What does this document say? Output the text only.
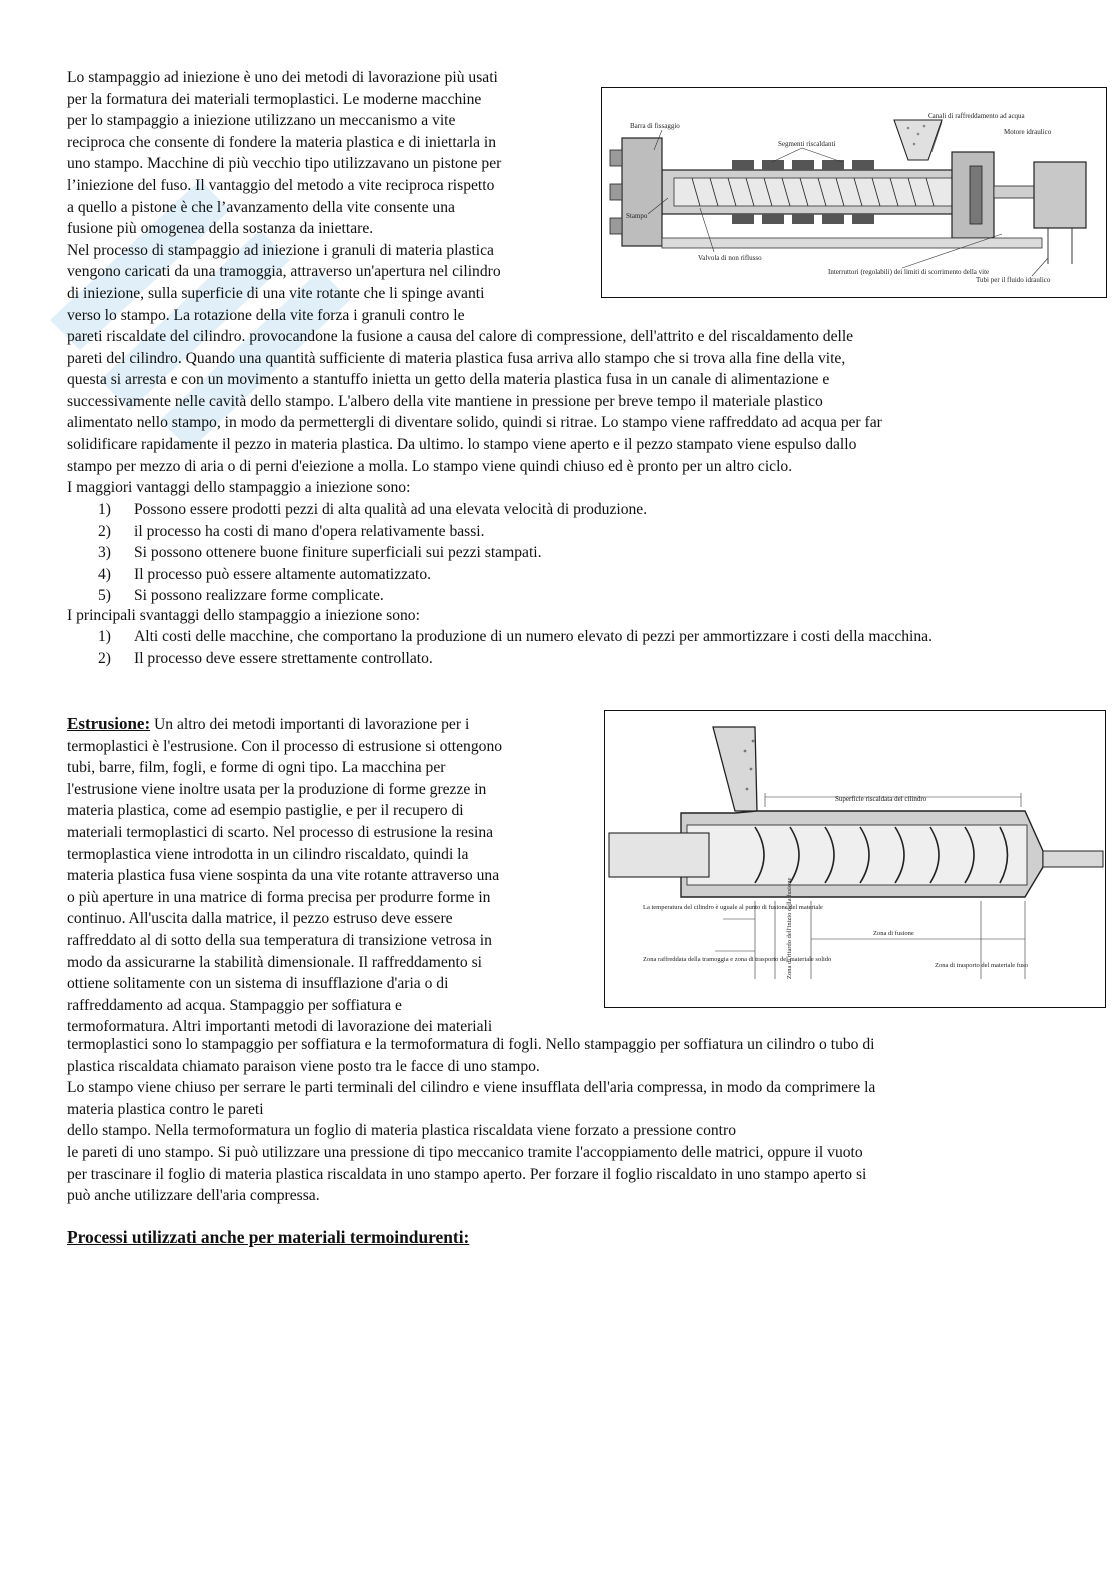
Lo stampaggio ad iniezione è uno dei metodi di lavorazione più usati
per la formatura dei materiali termoplastici. Le moderne macchine
per lo stampaggio a iniezione utilizzano un meccanismo a vite
reciproca che consente di fondere la materia plastica e di iniettarla in
uno stampo. Macchine di più vecchio tipo utilizzavano un pistone per
l’iniezione del fuso. Il vantaggio del metodo a vite reciproca rispetto
a quello a pistone è che l’avanzamento della vite consente una
fusione più omogenea della sostanza da iniettare.
Nel processo di stampaggio ad iniezione i granuli di materia plastica
vengono caricati da una tramoggia, attraverso un'apertura nel cilindro
di iniezione, sulla superficie di una vite rotante che li spinge avanti
verso lo stampo. La rotazione della vite forza i granuli contro le
Barra di fissaggio
Segmenti riscaldanti
Canali di raffreddamento ad acqua
Motore idraulico
Stampo
Valvola di non riflusso
Interruttori (regolabili) dei limiti di scorrimento della vite
Tubi per il fluido idraulico
pareti riscaldate del cilindro. provocandone la fusione a causa del calore di compressione, dell'attrito e del riscaldamento delle
pareti del cilindro. Quando una quantità sufficiente di materia plastica fusa arriva allo stampo che si trova alla fine della vite,
questa si arresta e con un movimento a stantuffo inietta un getto della materia plastica fusa in un canale di alimentazione e
successivamente nelle cavità dello stampo. L'albero della vite mantiene in pressione per breve tempo il materiale plastico
alimentato nello stampo, in modo da permettergli di diventare solido, quindi si ritrae. Lo stampo viene raffreddato ad acqua per far
solidificare rapidamente il pezzo in materia plastica. Da ultimo. lo stampo viene aperto e il pezzo stampato viene espulso dallo
stampo per mezzo di aria o di perni d'eiezione a molla. Lo stampo viene quindi chiuso ed è pronto per un altro ciclo.
I maggiori vantaggi dello stampaggio a iniezione sono:
1)	Possono essere prodotti pezzi di alta qualità ad una elevata velocità di produzione.
2)	il processo ha costi di mano d'opera relativamente bassi.
3)	Si possono ottenere buone finiture superficiali sui pezzi stampati.
4)	Il processo può essere altamente automatizzato.
5)	Si possono realizzare forme complicate.
I principali svantaggi dello stampaggio a iniezione sono:
1)	Alti costi delle macchine, che comportano la produzione di un numero elevato di pezzi per ammortizzare i costi della macchina.
2)	Il processo deve essere strettamente controllato.
Estrusione: Un altro dei metodi importanti di lavorazione per i
termoplastici è l'estrusione. Con il processo di estrusione si ottengono
tubi, barre, film, fogli, e forme di ogni tipo. La macchina per
l'estrusione viene inoltre usata per la produzione di forme grezze in
materia plastica, come ad esempio pastiglie, e per il recupero di
materiali termoplastici di scarto. Nel processo di estrusione la resina
termoplastica viene introdotta in un cilindro riscaldato, quindi la
materia plastica fusa viene sospinta da una vite rotante attraverso una
o più aperture in una matrice di forma precisa per produrre forme in
continuo. All'uscita dalla matrice, il pezzo estruso deve essere
raffreddato al di sotto della sua temperatura di transizione vetrosa in
modo da assicurarne la stabilità dimensionale. Il raffreddamento si
ottiene solitamente con un sistema di insufflazione d'aria o di
raffreddamento ad acqua. Stampaggio per soffiatura e
termoformatura. Altri importanti metodi di lavorazione dei materiali
Superficie riscaldata del cilindro
La temperatura del cilindro è uguale al punto di fusione del materiale
Zona raffreddata della tramoggia e zona di trasporto del materiale solido
Zona di ritardo dell'inizio della fusione	Zona di fusione
Zona di trasporto del materiale fuso
termoplastici sono lo stampaggio per soffiatura e la termoformatura di fogli. Nello stampaggio per soffiatura un cilindro o tubo di
plastica riscaldata chiamato paraison viene posto tra le facce di uno stampo.
Lo stampo viene chiuso per serrare le parti terminali del cilindro e viene insufflata dell'aria compressa, in modo da comprimere la
materia plastica contro le pareti
dello stampo. Nella termoformatura un foglio di materia plastica riscaldata viene forzato a pressione contro
le pareti di uno stampo. Si può utilizzare una pressione di tipo meccanico tramite l'accoppiamento delle matrici, oppure il vuoto
per trascinare il foglio di materia plastica riscaldata in uno stampo aperto. Per forzare il foglio riscaldato in uno stampo aperto si
può anche utilizzare dell'aria compressa.
Processi utilizzati anche per materiali termoindurenti:
